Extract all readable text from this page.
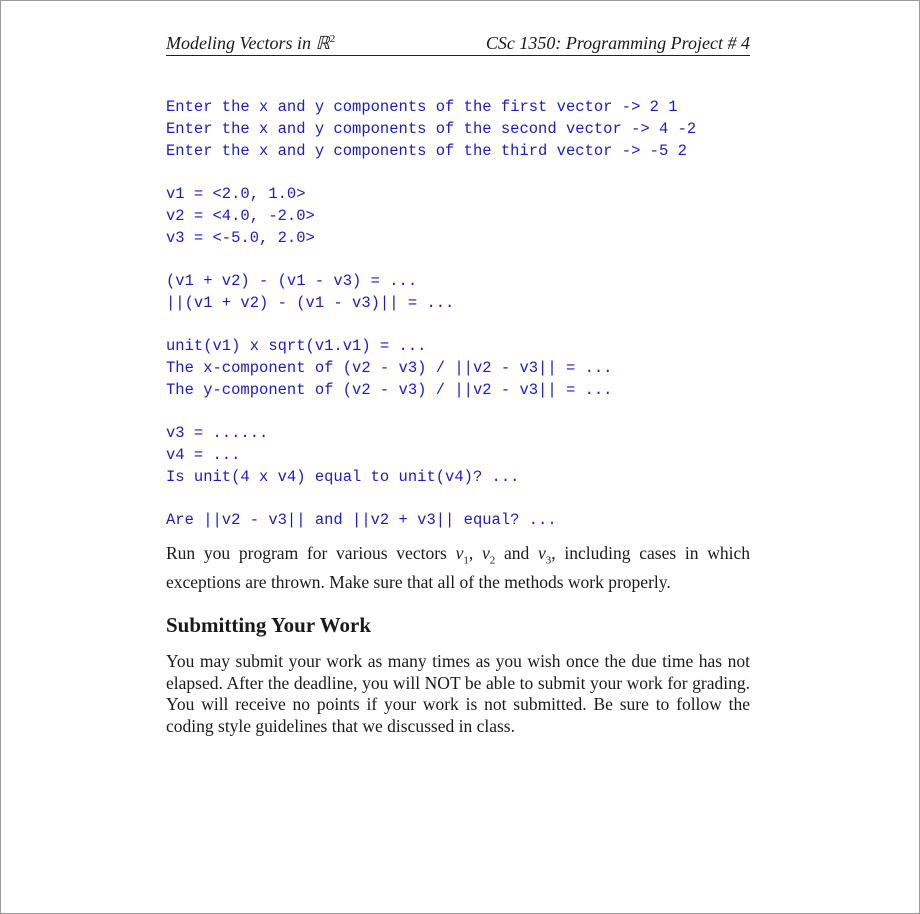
Modeling Vectors in ℝ$^2$	CSc 1350: Programming Project # 4
Enter the x and y components of the first vector -> 2 1
Enter the x and y components of the second vector -> 4 -2
Enter the x and y components of the third vector -> -5 2
v1 = <2.0, 1.0>
v2 = <4.0, -2.0>
v3 = <-5.0, 2.0>
(v1 + v2) - (v1 - v3) = ...
||(v1 + v2) - (v1 - v3)|| = ...
unit(v1) x sqrt(v1.v1) = ...
The x-component of (v2 - v3) / ||v2 - v3|| = ...
The y-component of (v2 - v3) / ||v2 - v3|| = ...
v3 = ......
v4 = ...
Is unit(4 x v4) equal to unit(v4)? ...
Are ||v2 - v3|| and ||v2 + v3|| equal? ...
Run you program for various vectors $v_1$, $v_2$ and $v_3$, including cases in which exceptions are thrown. Make sure that all of the methods work properly.
Submitting Your Work
You may submit your work as many times as you wish once the due time has not elapsed. After the deadline, you will NOT be able to submit your work for grading. You will receive no points if your work is not submitted. Be sure to follow the coding style guidelines that we discussed in class.
